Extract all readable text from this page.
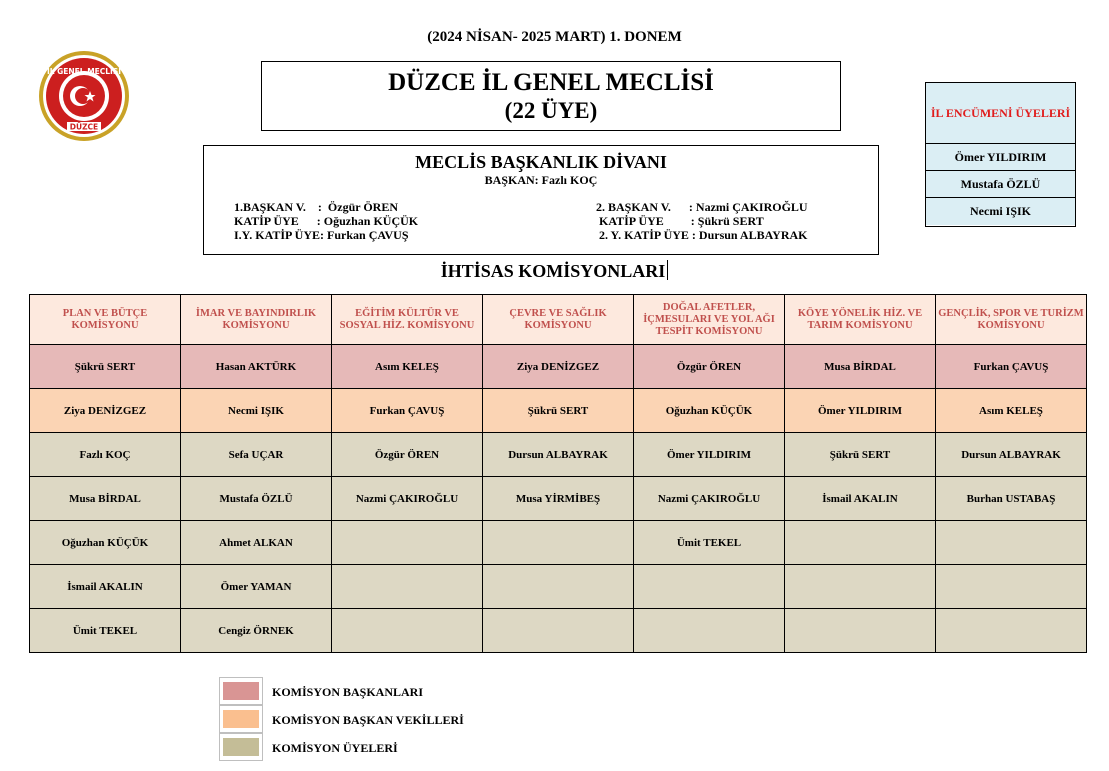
(2024 NİSAN- 2025 MART) 1. DONEM
İL GENEL MECLİSİ
DÜZCE
DÜZCE İL GENEL MECLİSİ
(22 ÜYE)
MECLİS BAŞKANLIK DİVANI
BAŞKAN: Fazlı KOÇ
1.BAŞKAN V.    :  Özgür ÖREN
KATİP ÜYE      : Oğuzhan KÜÇÜK
I.Y. KATİP ÜYE: Furkan ÇAVUŞ
2. BAŞKAN V.      : Nazmi ÇAKIROĞLU
KATİP ÜYE         : Şükrü SERT
2. Y. KATİP ÜYE : Dursun ALBAYRAK
İL ENCÜMENİ ÜYELERİ
Ömer YILDIRIM
Mustafa ÖZLÜ
Necmi IŞIK
İHTİSAS KOMİSYONLARI
PLAN VE BÜTÇE KOMİSYONU	İMAR VE BAYINDIRLIK KOMİSYONU	EĞİTİM KÜLTÜR VE SOSYAL HİZ. KOMİSYONU	ÇEVRE VE SAĞLIK KOMİSYONU	DOĞAL AFETLER, İÇMESULARI VE YOL AĞI TESPİT KOMİSYONU	KÖYE YÖNELİK HİZ. VE TARIM KOMİSYONU	GENÇLİK, SPOR VE TURİZM KOMİSYONU
Şükrü SERT	Hasan AKTÜRK	Asım KELEŞ	Ziya DENİZGEZ	Özgür ÖREN	Musa BİRDAL	Furkan ÇAVUŞ
Ziya DENİZGEZ	Necmi IŞIK	Furkan ÇAVUŞ	Şükrü SERT	Oğuzhan KÜÇÜK	Ömer YILDIRIM	Asım KELEŞ
Fazlı KOÇ	Sefa UÇAR	Özgür ÖREN	Dursun ALBAYRAK	Ömer YILDIRIM	Şükrü SERT	Dursun ALBAYRAK
Musa BİRDAL	Mustafa ÖZLÜ	Nazmi ÇAKIROĞLU	Musa YİRMİBEŞ	Nazmi ÇAKIROĞLU	İsmail AKALIN	Burhan USTABAŞ
Oğuzhan KÜÇÜK	Ahmet ALKAN			Ümit TEKEL		
İsmail AKALIN	Ömer YAMAN					
Ümit TEKEL	Cengiz ÖRNEK					
KOMİSYON BAŞKANLARI
KOMİSYON BAŞKAN VEKİLLERİ
KOMİSYON ÜYELERİ
